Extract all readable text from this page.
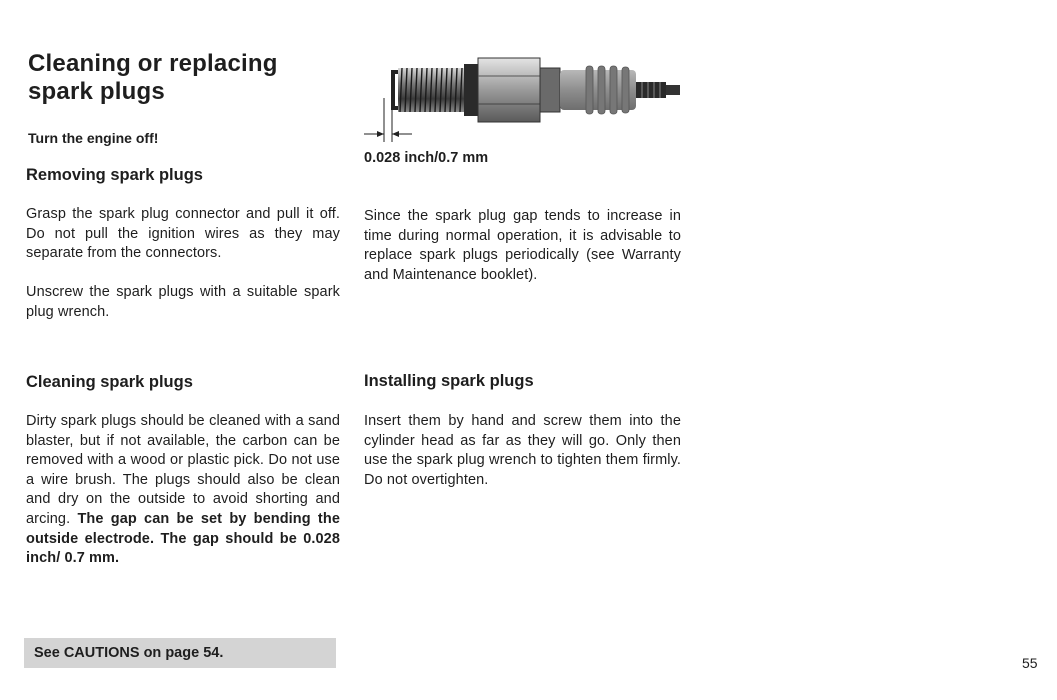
Cleaning or replacing
spark plugs
Turn the engine off!
Removing spark plugs
Grasp the spark plug connector and pull it off. Do not pull the ignition wires as they may separate from the connectors.
Unscrew the spark plugs with a suitable spark plug wrench.
0.028 inch/0.7 mm
Since the spark plug gap tends to increase in time during normal operation, it is advisable to replace spark plugs periodically (see Warranty and Maintenance booklet).
Cleaning spark plugs
Dirty spark plugs should be cleaned with a sand blaster, but if not available, the carbon can be removed with a wood or plastic pick. Do not use a wire brush. The plugs should also be clean and dry on the outside to avoid shorting and arcing. The gap can be set by bending the outside electrode. The gap should be 0.028 inch/ 0.7 mm.
Installing spark plugs
Insert them by hand and screw them into the cylinder head as far as they will go. Only then use the spark plug wrench to tighten them firmly. Do not overtighten.
See CAUTIONS on page 54.
55
